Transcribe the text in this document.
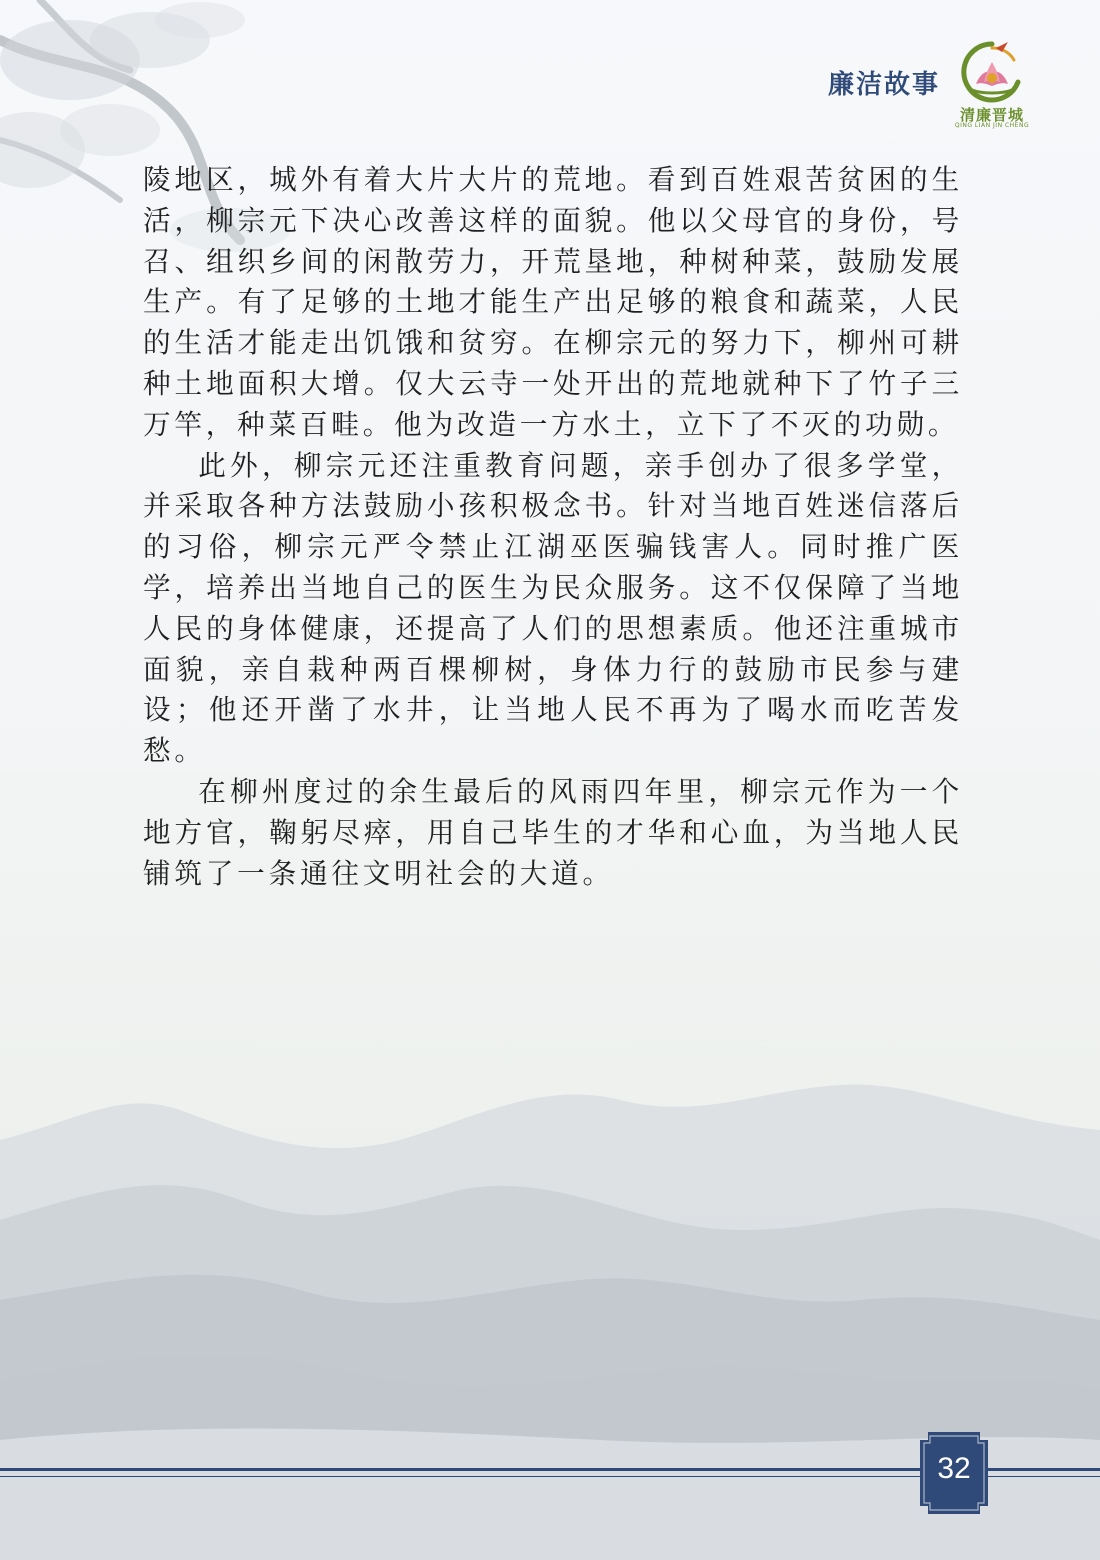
廉洁故事
清廉晋城
QING LIAN JIN CHENG

陵地区，城外有着大片大片的荒地。看到百姓艰苦贫困的生活，柳宗元下决心改善这样的面貌。他以父母官的身份，号召、组织乡间的闲散劳力，开荒垦地，种树种菜，鼓励发展生产。有了足够的土地才能生产出足够的粮食和蔬菜，人民的生活才能走出饥饿和贫穷。在柳宗元的努力下，柳州可耕种土地面积大增。仅大云寺一处开出的荒地就种下了竹子三万竿，种菜百畦。他为改造一方水土，立下了不灭的功勋。

此外，柳宗元还注重教育问题，亲手创办了很多学堂，并采取各种方法鼓励小孩积极念书。针对当地百姓迷信落后的习俗，柳宗元严令禁止江湖巫医骗钱害人。同时推广医学，培养出当地自己的医生为民众服务。这不仅保障了当地人民的身体健康，还提高了人们的思想素质。他还注重城市面貌，亲自栽种两百棵柳树，身体力行的鼓励市民参与建设；他还开凿了水井，让当地人民不再为了喝水而吃苦发愁。

在柳州度过的余生最后的风雨四年里，柳宗元作为一个地方官，鞠躬尽瘁，用自己毕生的才华和心血，为当地人民铺筑了一条通往文明社会的大道。

32
